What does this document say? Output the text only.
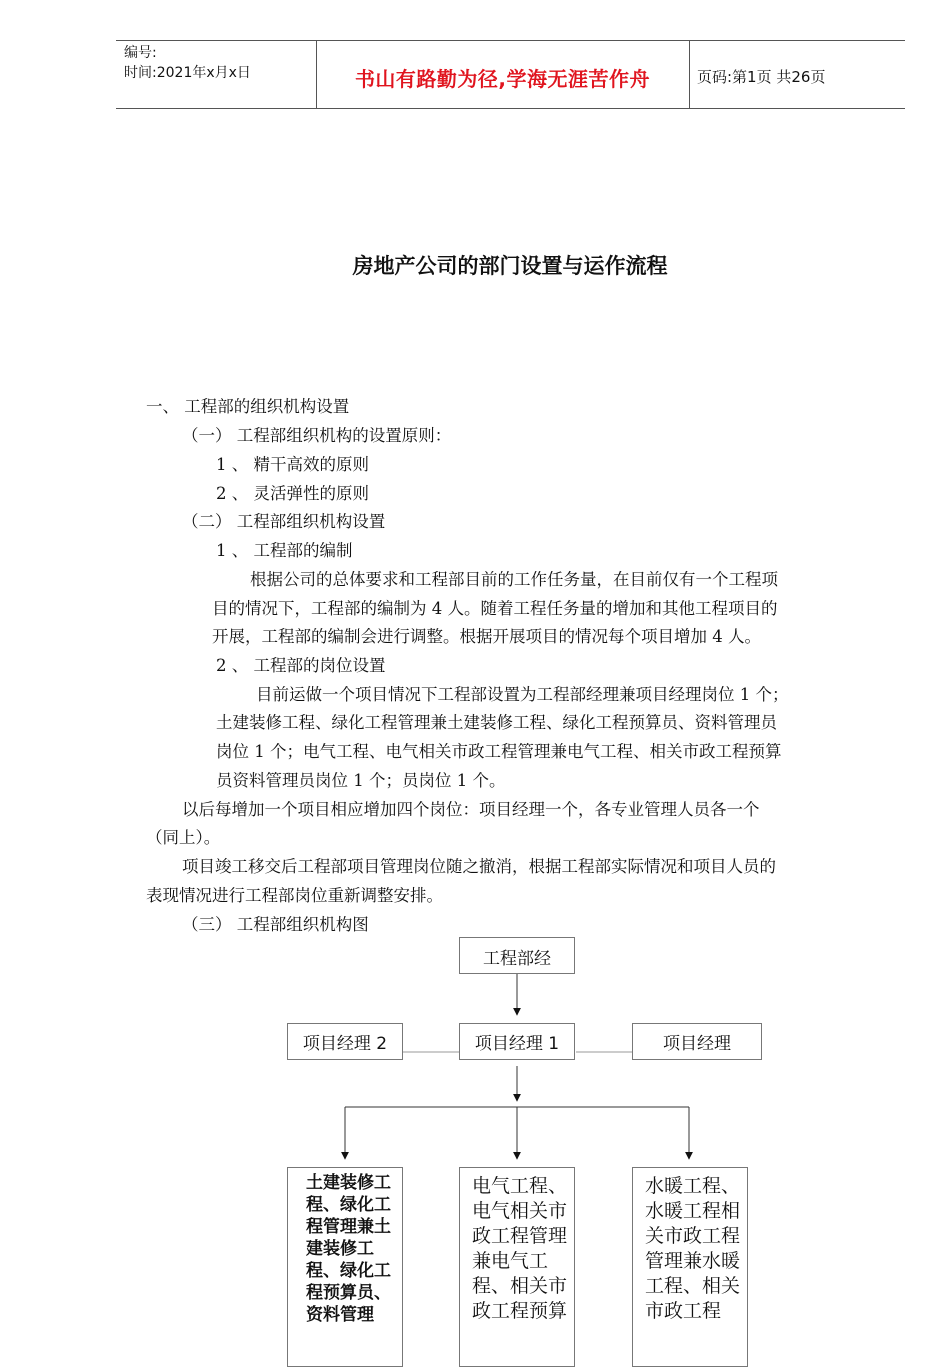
编号:
时间:2021年x月x日	书山有路勤为径,学海无涯苦作舟	页码:第1页 共26页
房地产公司的部门设置与运作流程
一、 工程部的组织机构设置
（一） 工程部组织机构的设置原则：
1 、 精干高效的原则
2 、 灵活弹性的原则
（二） 工程部组织机构设置
1 、 工程部的编制
根据公司的总体要求和工程部目前的工作任务量，在目前仅有一个工程项
目的情况下，工程部的编制为 4 人。随着工程任务量的增加和其他工程项目的
开展，工程部的编制会进行调整。根据开展项目的情况每个项目增加 4 人。
2 、 工程部的岗位设置
目前运做一个项目情况下工程部设置为工程部经理兼项目经理岗位 1 个；
土建装修工程、绿化工程管理兼土建装修工程、绿化工程预算员、资料管理员
岗位 1 个；电气工程、电气相关市政工程管理兼电气工程、相关市政工程预算
员资料管理员岗位 1 个；员岗位 1 个。
以后每增加一个项目相应增加四个岗位：项目经理一个，各专业管理人员各一个
（同上）。
项目竣工移交后工程部项目管理岗位随之撤消，根据工程部实际情况和项目人员的
表现情况进行工程部岗位重新调整安排。
（三） 工程部组织机构图
工程部经
项目经理 2	项目经理 1	项目经理
土建装修工程、绿化工程管理兼土建装修工程、绿化工程预算员、资料管理
电气工程、电气相关市政工程管理兼电气工程、相关市政工程预算
水暖工程、水暖工程相关市政工程管理兼水暖工程、相关市政工程
